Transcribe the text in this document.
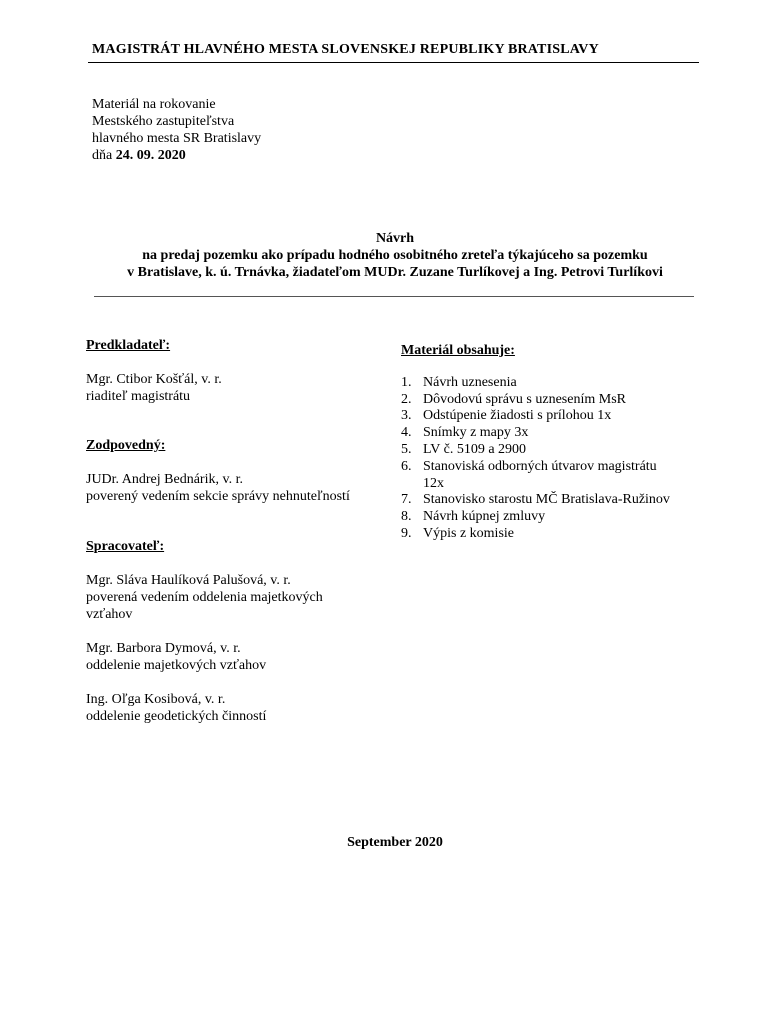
MAGISTRÁT HLAVNÉHO MESTA SLOVENSKEJ REPUBLIKY BRATISLAVY
Materiál na rokovanie
Mestského zastupiteľstva
hlavného mesta SR Bratislavy
dňa 24. 09. 2020
Návrh
na predaj pozemku ako prípadu hodného osobitného zreteľa týkajúceho sa pozemku
v Bratislave, k. ú. Trnávka, žiadateľom MUDr. Zuzane Turlíkovej a Ing. Petrovi Turlíkovi
Predkladateľ:
Mgr. Ctibor Košťál, v. r.
riaditeľ magistrátu
Zodpovedný:
JUDr. Andrej Bednárik, v. r.
poverený vedením sekcie správy nehnuteľností
Spracovateľ:
Mgr. Sláva Haulíková Palušová, v. r.
poverená vedením oddelenia majetkových
vzťahov
Mgr. Barbora Dymová, v. r.
oddelenie majetkových vzťahov
Ing. Oľga Kosibová, v. r.
oddelenie geodetických činností
Materiál obsahuje:
1. Návrh uznesenia
2. Dôvodovú správu s uznesením MsR
3. Odstúpenie žiadosti s prílohou 1x
4. Snímky z mapy 3x
5. LV č. 5109 a 2900
6. Stanoviská odborných útvarov magistrátu 12x
7. Stanovisko starostu MČ Bratislava-Ružinov
8. Návrh kúpnej zmluvy
9. Výpis z komisie
September 2020
